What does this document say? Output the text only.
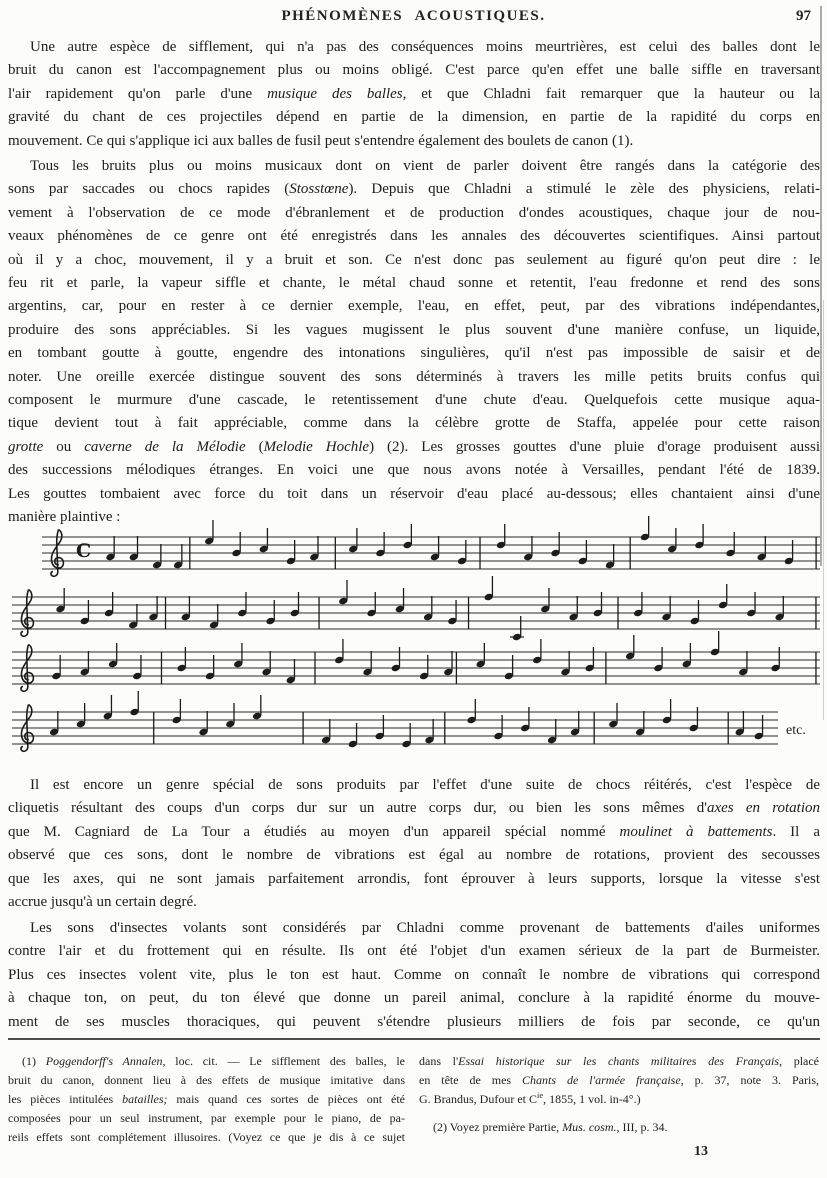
PHÉNOMÈNES ACOUSTIQUES.	97
Une autre espèce de sifflement, qui n'a pas des conséquences moins meurtrières, est celui des balles dont le
bruit du canon est l'accompagnement plus ou moins obligé. C'est parce qu'en effet une balle siffle en traversant
l'air rapidement qu'on parle d'une musique des balles, et que Chladni fait remarquer que la hauteur ou la
gravité du chant de ces projectiles dépend en partie de la dimension, en partie de la rapidité du corps en
mouvement. Ce qui s'applique ici aux balles de fusil peut s'entendre également des boulets de canon (1).
Tous les bruits plus ou moins musicaux dont on vient de parler doivent être rangés dans la catégorie des
sons par saccades ou chocs rapides (Stosstœne). Depuis que Chladni a stimulé le zèle des physiciens, relati-
vement à l'observation de ce mode d'ébranlement et de production d'ondes acoustiques, chaque jour de nou-
veaux phénomènes de ce genre ont été enregistrés dans les annales des découvertes scientifiques. Ainsi partout
où il y a choc, mouvement, il y a bruit et son. Ce n'est donc pas seulement au figuré qu'on peut dire : le
feu rit et parle, la vapeur siffle et chante, le métal chaud sonne et retentit, l'eau fredonne et rend des sons
argentins, car, pour en rester à ce dernier exemple, l'eau, en effet, peut, par des vibrations indépendantes,
produire des sons appréciables. Si les vagues mugissent le plus souvent d'une manière confuse, un liquide,
en tombant goutte à goutte, engendre des intonations singulières, qu'il n'est pas impossible de saisir et de
noter. Une oreille exercée distingue souvent des sons déterminés à travers les mille petits bruits confus qui
composent le murmure d'une cascade, le retentissement d'une chute d'eau. Quelquefois cette musique aqua-
tique devient tout à fait appréciable, comme dans la célèbre grotte de Staffa, appelée pour cette raison
grotte ou caverne de la Mélodie (Melodie Hochle) (2). Les grosses gouttes d'une pluie d'orage produisent aussi
des successions mélodiques étranges. En voici une que nous avons notée à Versailles, pendant l'été de 1839.
Les gouttes tombaient avec force du toit dans un réservoir d'eau placé au-dessous; elles chantaient ainsi d'une
manière plaintive :
Il est encore un genre spécial de sons produits par l'effet d'une suite de chocs réitérés, c'est l'espèce de
cliquetis résultant des coups d'un corps dur sur un autre corps dur, ou bien les sons mêmes d'axes en rotation
que M. Cagniard de La Tour a étudiés au moyen d'un appareil spécial nommé moulinet à battements. Il a
observé que ces sons, dont le nombre de vibrations est égal au nombre de rotations, provient des secousses
que les axes, qui ne sont jamais parfaitement arrondis, font éprouver à leurs supports, lorsque la vitesse s'est
accrue jusqu'à un certain degré.
Les sons d'insectes volants sont considérés par Chladni comme provenant de battements d'ailes uniformes
contre l'air et du frottement qui en résulte. Ils ont été l'objet d'un examen sérieux de la part de Burmeister.
Plus ces insectes volent vite, plus le ton est haut. Comme on connaît le nombre de vibrations qui correspond
à chaque ton, on peut, du ton élevé que donne un pareil animal, conclure à la rapidité énorme du mouve-
ment de ses muscles thoraciques, qui peuvent s'étendre plusieurs milliers de fois par seconde, ce qu'un
C
etc.
(1) Poggendorff's Annalen, loc. cit. — Le sifflement des balles, le
bruit du canon, donnent lieu à des effets de musique imitative dans
les pièces intitulées batailles; mais quand ces sortes de pièces ont été
composées pour un seul instrument, par exemple pour le piano, de pa-
reils effets sont complétement illusoires. (Voyez ce que je dis à ce sujet
dans l'Essai historique sur les chants militaires des Français, placé
en tête de mes Chants de l'armée française, p. 37, note 3. Paris,
G. Brandus, Dufour et $C^{ie}$, 1855, 1 vol. in-4°.)
(2) Voyez première Partie, Mus. cosm., III, p. 34.
13
